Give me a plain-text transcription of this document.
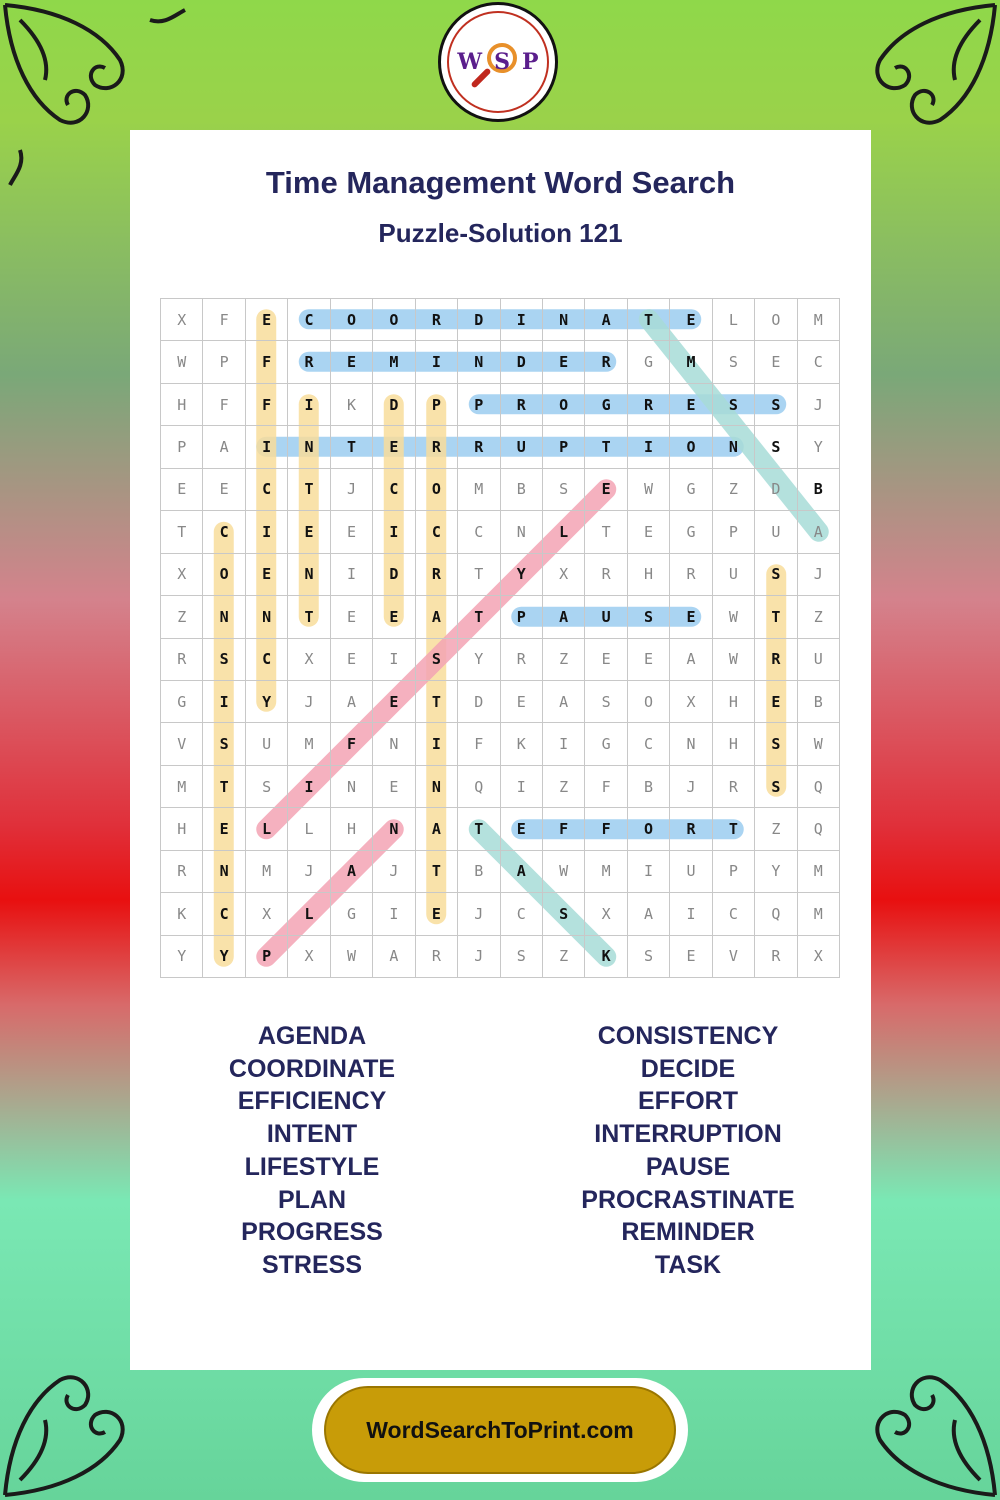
W S P
Time Management Word Search
Puzzle-Solution 121
X	F	E	C	O	O	R	D	I	N	A	T	E	L	O	M
W	P	F	R	E	M	I	N	D	E	R	G	M	S	E	C
H	F	F	I	K	D	P	P	R	O	G	R	E	S	S	J
P	A	I	N	T	E	R	R	U	P	T	I	O	N	S	Y
E	E	C	T	J	C	O	M	B	S	E	W	G	Z	D	B
T	C	I	E	E	I	C	C	N	L	T	E	G	P	U	A
X	O	E	N	I	D	R	T	Y	X	R	H	R	U	S	J
Z	N	N	T	E	E	A	T	P	A	U	S	E	W	T	Z
R	S	C	X	E	I	S	Y	R	Z	E	E	A	W	R	U
G	I	Y	J	A	E	T	D	E	A	S	O	X	H	E	B
V	S	U	M	F	N	I	F	K	I	G	C	N	H	S	W
M	T	S	I	N	E	N	Q	I	Z	F	B	J	R	S	Q
H	E	L	L	H	N	A	T	E	F	F	O	R	T	Z	Q
R	N	M	J	A	J	T	B	A	W	M	I	U	P	Y	M
K	C	X	L	G	I	E	J	C	S	X	A	I	C	Q	M
Y	Y	P	X	W	A	R	J	S	Z	K	S	E	V	R	X
AGENDA
COORDINATE
EFFICIENCY
INTENT
LIFESTYLE
PLAN
PROGRESS
STRESS
CONSISTENCY
DECIDE
EFFORT
INTERRUPTION
PAUSE
PROCRASTINATE
REMINDER
TASK
WordSearchToPrint.com
